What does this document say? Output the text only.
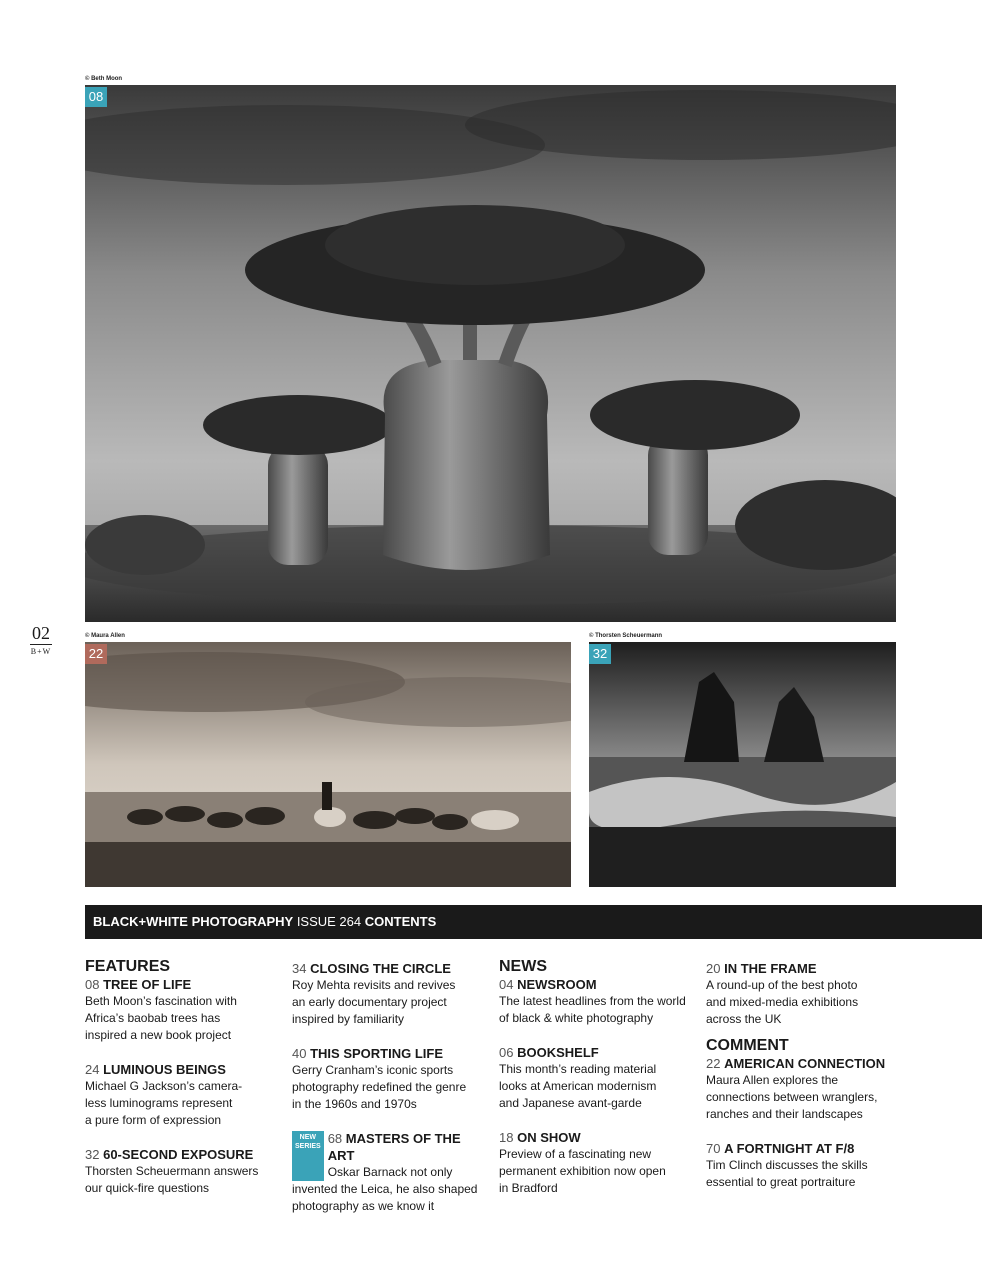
© Beth Moon
08
02
B+W
© Maura Allen
22
© Thorsten Scheuermann
32
BLACK+WHITE PHOTOGRAPHY ISSUE 264 CONTENTS
FEATURES
08 TREE OF LIFE
Beth Moon’s fascination with
Africa’s baobab trees has
inspired a new book project
24 LUMINOUS BEINGS
Michael G Jackson’s camera-
less luminograms represent
a pure form of expression
32 60-SECOND EXPOSURE
Thorsten Scheuermann answers
our quick-fire questions
34 CLOSING THE CIRCLE
Roy Mehta revisits and revives
an early documentary project
inspired by familiarity
40 THIS SPORTING LIFE
Gerry Cranham’s iconic sports
photography redefined the genre
in the 1960s and 1970s
NEW
SERIES
68 MASTERS OF THE ART
Oskar Barnack not only
invented the Leica, he also shaped
photography as we know it
NEWS
04 NEWSROOM
The latest headlines from the world
of black & white photography
06 BOOKSHELF
This month’s reading material
looks at American modernism
and Japanese avant-garde
18 ON SHOW
Preview of a fascinating new
permanent exhibition now open
in Bradford
20 IN THE FRAME
A round-up of the best photo
and mixed-media exhibitions
across the UK
COMMENT
22 AMERICAN CONNECTION
Maura Allen explores the
connections between wranglers,
ranches and their landscapes
70 A FORTNIGHT AT F/8
Tim Clinch discusses the skills
essential to great portraiture
